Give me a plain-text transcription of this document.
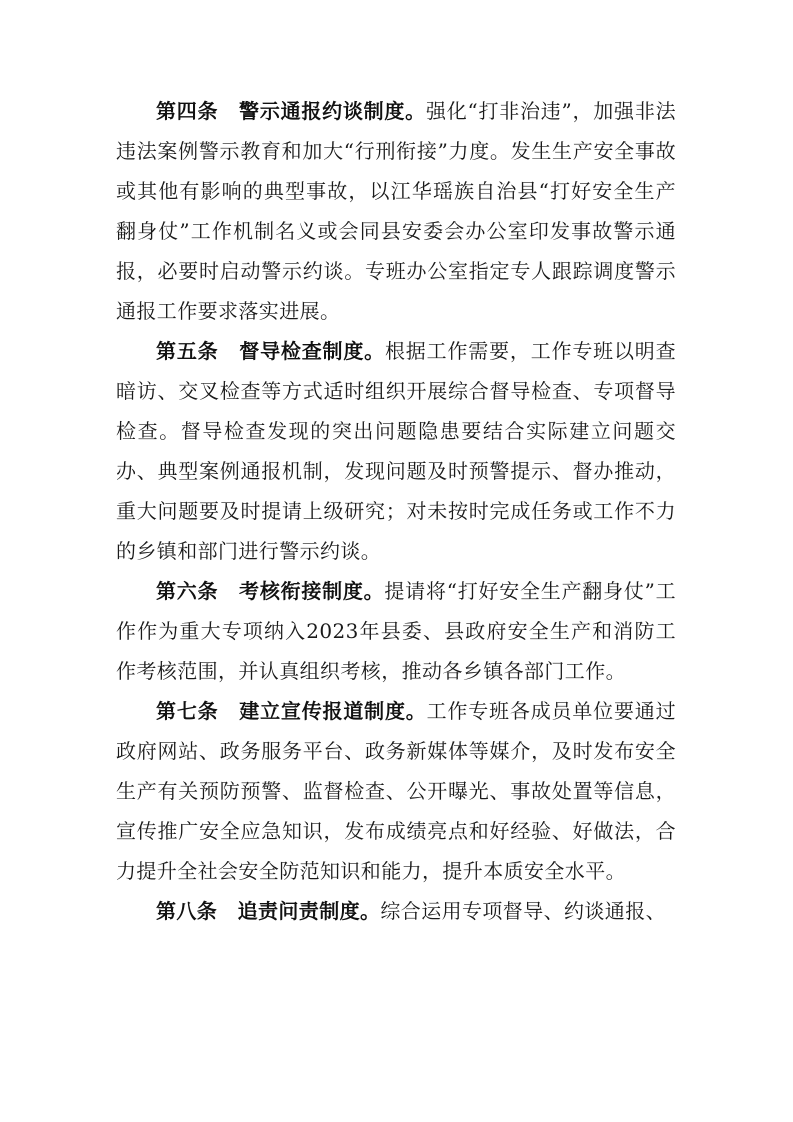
第四条　警示通报约谈制度。强化“打非治违”，加强非法违法案例警示教育和加大“行刑衔接”力度。发生生产安全事故或其他有影响的典型事故，以江华瑶族自治县“打好安全生产翻身仗”工作机制名义或会同县安委会办公室印发事故警示通报，必要时启动警示约谈。专班办公室指定专人跟踪调度警示通报工作要求落实进展。

第五条　督导检查制度。根据工作需要，工作专班以明查暗访、交叉检查等方式适时组织开展综合督导检查、专项督导检查。督导检查发现的突出问题隐患要结合实际建立问题交办、典型案例通报机制，发现问题及时预警提示、督办推动，重大问题要及时提请上级研究；对未按时完成任务或工作不力的乡镇和部门进行警示约谈。

第六条　考核衔接制度。提请将“打好安全生产翻身仗”工作作为重大专项纳入2023年县委、县政府安全生产和消防工作考核范围，并认真组织考核，推动各乡镇各部门工作。

第七条　建立宣传报道制度。工作专班各成员单位要通过政府网站、政务服务平台、政务新媒体等媒介，及时发布安全生产有关预防预警、监督检查、公开曝光、事故处置等信息，宣传推广安全应急知识，发布成绩亮点和好经验、好做法，合力提升全社会安全防范知识和能力，提升本质安全水平。

第八条　追责问责制度。综合运用专项督导、约谈通报、
